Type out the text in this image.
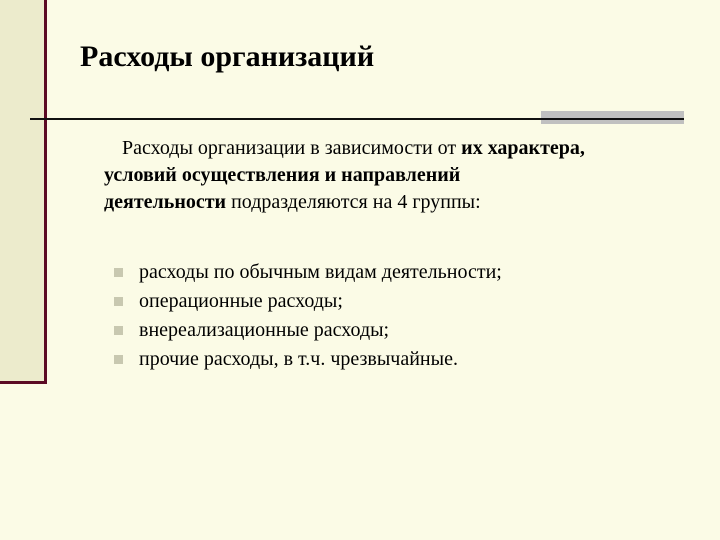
Расходы организаций

Расходы организации в зависимости от их характера,
условий осуществления и направлений
деятельности подразделяются на 4 группы:

расходы по обычным видам деятельности;
операционные расходы;
внереализационные расходы;
прочие расходы, в т.ч. чрезвычайные.
